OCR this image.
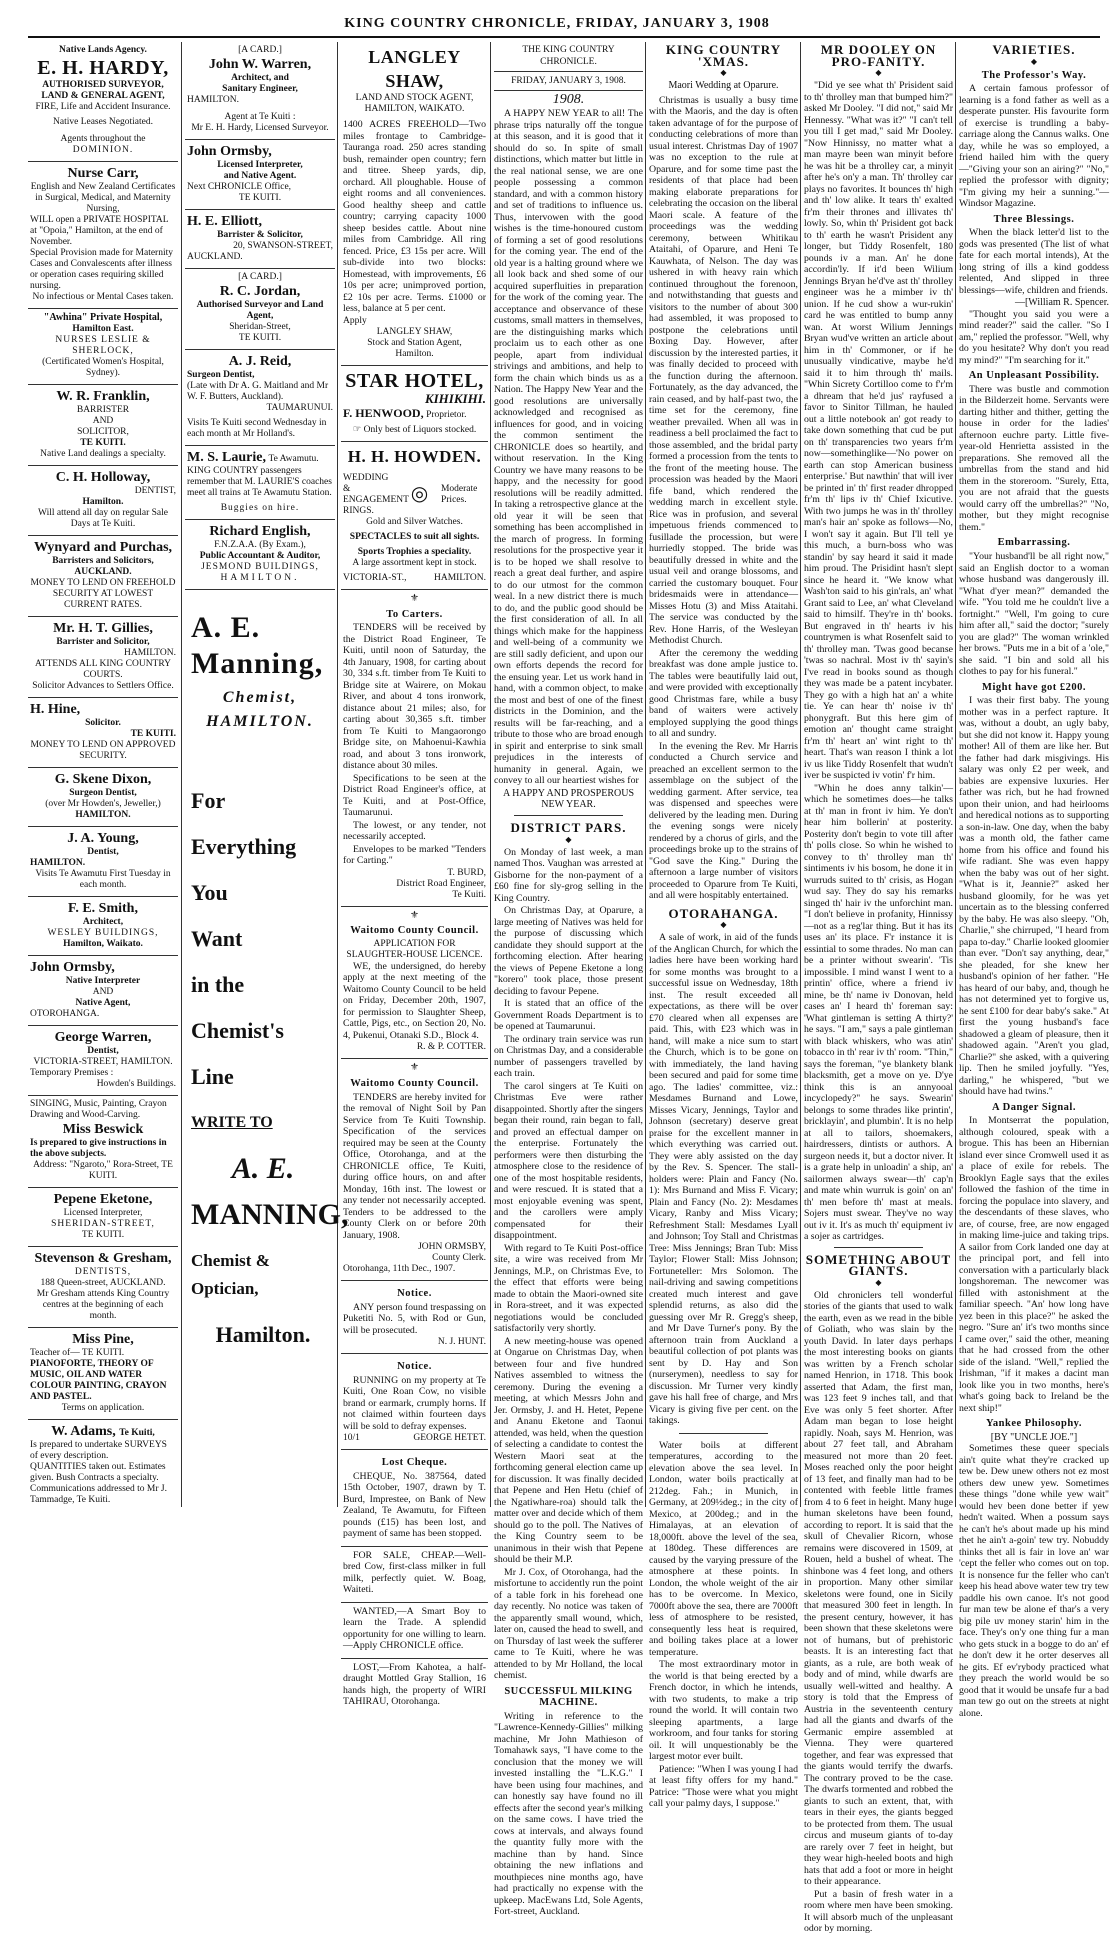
KING COUNTRY CHRONICLE, FRIDAY, JANUARY 3, 1908
Native Lands Agency.
E. H. HARDY,
AUTHORISED SURVEYOR,
LAND & GENERAL AGENT,
FIRE, Life and Accident Insurance.
Native Leases Negotiated.
Agents throughout the
DOMINION.
Nurse Carr,
English and New Zealand Certificates in Surgical, Medical, and Maternity Nursing,
WILL open a PRIVATE HOSPITAL at "Opoia," Hamilton, at the end of November.
Special Provision made for Maternity Cases and Convalescents after illness or operation cases requiring skilled nursing.
No infectious or Mental Cases taken.
"Awhina" Private Hospital,
Hamilton East.
NURSES LESLIE & SHERLOCK,
(Certificated Women's Hospital, Sydney).
W. R. Franklin,
BARRISTER
AND
SOLICITOR,
TE KUITI.
Native Land dealings a specialty.
C. H. Holloway,
DENTIST,
Hamilton.
Will attend all day on regular Sale Days at Te Kuiti.
Wynyard and Purchas,
Barristers and Solicitors,
AUCKLAND.
MONEY TO LEND ON FREEHOLD SECURITY AT LOWEST CURRENT RATES.
Mr. H. T. Gillies,
Barrister and Solicitor,
HAMILTON.
ATTENDS ALL KING COUNTRY COURTS.
Solicitor Advances to Settlers Office.
H. Hine,
Solicitor.
TE KUITI.
MONEY TO LEND ON APPROVED SECURITY.
G. Skene Dixon,
Surgeon Dentist,
(over Mr Howden's, Jeweller,)
HAMILTON.
J. A. Young,
Dentist,
HAMILTON.
Visits Te Awamutu First Tuesday in each month.
F. E. Smith,
Architect,
WESLEY BUILDINGS,
Hamilton, Waikato.
John Ormsby,
Native Interpreter
AND
Native Agent,
OTOROHANGA.
George Warren,
Dentist,
VICTORIA-STREET, HAMILTON.
Temporary Premises :
Howden's Buildings.
SINGING, Music, Painting, Crayon Drawing and Wood-Carving.
Miss Beswick
Is prepared to give instructions in the above subjects.
Address: "Ngaroto," Rora-Street, TE KUITI.
Pepene Eketone,
Licensed Interpreter,
SHERIDAN-STREET,
TE KUITI.
Stevenson & Gresham,
DENTISTS,
188 Queen-street, AUCKLAND.
Mr Gresham attends King Country centres at the beginning of each month.
Miss Pine,
Teacher of— TE KUITI.
PIANOFORTE, THEORY OF MUSIC, OIL AND WATER COLOUR PAINTING, CRAYON AND PASTEL.
Terms on application.
W. Adams, Te Kuiti,
Is prepared to undertake SURVEYS of every description.
QUANTITIES taken out. Estimates given. Bush Contracts a specialty. Communications addressed to Mr J. Tammadge, Te Kuiti.
[A CARD.]
John W. Warren,
Architect, and
Sanitary Engineer,
HAMILTON.
Agent at Te Kuiti :
Mr E. H. Hardy, Licensed Surveyor.
John Ormsby,
Licensed Interpreter,
and Native Agent.
Next CHRONICLE Office,
TE KUITI.
H. E. Elliott,
Barrister & Solicitor,
20, SWANSON-STREET,
AUCKLAND.
[A CARD.]
R. C. Jordan,
Authorised Surveyor and Land Agent,
Sheridan-Street,
TE KUITI.
A. J. Reid,
Surgeon Dentist,
(Late with Dr A. G. Maitland and Mr W. F. Butters, Auckland).
TAUMARUNUI.
Visits Te Kuiti second Wednesday in each month at Mr Holland's.
M. S. Laurie, Te Awamutu.
KING COUNTRY passengers remember that M. LAURIE'S coaches meet all trains at Te Awamutu Station.
Buggies on hire.
Richard English,
F.N.Z.A.A. (By Exam.),
Public Accountant & Auditor,
JESMOND BUILDINGS,
HAMILTON.
A. E. Manning,
Chemist,
HAMILTON.
For
Everything
You
Want
in the
Chemist's
Line
WRITE TO
A. E.
MANNING,
Chemist & Optician,
Hamilton.
LANGLEY SHAW,
LAND AND STOCK AGENT,
HAMILTON, WAIKATO.
1400 ACRES FREEHOLD—Two miles frontage to Cambridge-Tauranga road. 250 acres standing bush, remainder open country; fern and titree. Sheep yards, dip, orchard. All ploughable. House of eight rooms and all conveniences. Good healthy sheep and cattle country; carrying capacity 1000 sheep besides cattle. About nine miles from Cambridge. All ring fenced. Price, £3 15s per acre. Will sub-divide into two blocks: Homestead, with improvements, £6 10s per acre; unimproved portion, £2 10s per acre. Terms. £1000 or less, balance at 5 per cent.
Apply
LANGLEY SHAW,
Stock and Station Agent,
Hamilton.
STAR HOTEL,
KIHIKIHI.
F. HENWOOD, Proprietor.
☞ Only best of Liquors stocked.
H. H. HOWDEN.
WEDDING & ENGAGEMENT RINGS.
◎ Moderate Prices.
Gold and Silver Watches.
SPECTACLES to suit all sights.
Sports Trophies a speciality.
A large assortment kept in stock.
VICTORIA-ST.,	HAMILTON.
⚜
To Carters.
TENDERS will be received by the District Road Engineer, Te Kuiti, until noon of Saturday, the 4th January, 1908, for carting about 30, 334 s.ft. timber from Te Kuiti to Bridge site at Wairere, on Mokau River, and about 4 tons ironwork, distance about 21 miles; also, for carting about 30,365 s.ft. timber from Te Kuiti to Mangaorongo Bridge site, on Mahoenui-Kawhia road, and about 3 tons ironwork, distance about 30 miles.
Specifications to be seen at the District Road Engineer's office, at Te Kuiti, and at Post-Office, Taumarunui.
The lowest, or any tender, not necessarily accepted.
Envelopes to be marked "Tenders for Carting."
T. BURD,
District Road Engineer,
Te Kuiti.
⚜
Waitomo County Council.
APPLICATION FOR SLAUGHTER-HOUSE LICENCE.
WE, the undersigned, do hereby apply at the next meeting of the Waitomo County Council to be held on Friday, December 20th, 1907, for permission to Slaughter Sheep, Cattle, Pigs, etc., on Section 20, No. 4, Pukenui, Otanaki S.D., Block 4.
R. & P. COTTER.
⚜
Waitomo County Council.
TENDERS are hereby invited for the removal of Night Soil by Pan Service from Te Kuiti Township. Specification of the services required may be seen at the County Office, Otorohanga, and at the CHRONICLE office, Te Kuiti, during office hours, on and after Monday, 16th inst. The lowest or any tender not necessarily accepted. Tenders to be addressed to the County Clerk on or before 20th January, 1908.
JOHN ORMSBY,
County Clerk.
Otorohanga, 11th Dec., 1907.
Notice.
ANY person found trespassing on Puketiti No. 5, with Rod or Gun, will be prosecuted.
N. J. HUNT.
Notice.
RUNNING on my property at Te Kuiti, One Roan Cow, no visible brand or earmark, crumply horns. If not claimed within fourteen days will be sold to defray expenses.
10/1	GEORGE HETET.
Lost Cheque.
CHEQUE, No. 387564, dated 15th October, 1907, drawn by T. Burd, Imprestee, on Bank of New Zealand, Te Awamutu, for Fifteen pounds (£15) has been lost, and payment of same has been stopped.
FOR SALE, CHEAP.—Well-bred Cow, first-class milker in full milk, perfectly quiet. W. Boag, Waitetі.
WANTED,—A Smart Boy to learn the Trade. A splendid opportunity for one willing to learn.—Apply CHRONICLE office.
LOST,—From Kahotea, a half-draught Mottled Gray Stallion, 16 hands high, the property of WIRI TAHIRAU, Otorohanga.
THE KING COUNTRY CHRONICLE.
FRIDAY, JANUARY 3, 1908.
1908.
A HAPPY NEW YEAR to all! The phrase trips naturally off the tongue at this season, and it is good that it should do so. In spite of small distinctions, which matter but little in the real national sense, we are one people possessing a common standard, and with a common history and set of traditions to influence us. Thus, intervowen with the good wishes is the time-honoured custom of forming a set of good resolutions for the coming year. The end of the old year is a halting ground where we all look back and shed some of our acquired superfluities in preparation for the work of the coming year. The acceptance and observance of these customs, small matters in themselves, are the distinguishing marks which proclaim us to each other as one people, apart from individual strivings and ambitions, and help to form the chain which binds us as a Nation. The Happy New Year and the good resolutions are universally acknowledged and recognised as influences for good, and in voicing the common sentiment the CHRONICLE does so heartily, and without reservation. In the King Country we have many reasons to be happy, and the necessity for good resolutions will be readily admitted. In taking a retrospective glance at the old year it will be seen that something has been accomplished in the march of progress. In forming resolutions for the prospective year it is to be hoped we shall resolve to reach a great deal further, and aspire to do our utmost for the common weal. In a new district there is much to do, and the public good should be the first consideration of all. In all things which make for the happiness and well-being of a community we are still sadly deficient, and upon our own efforts depends the record for the ensuing year. Let us work hand in hand, with a common object, to make the most and best of one of the finest districts in the Dominion, and the results will be far-reaching, and a tribute to those who are broad enough in spirit and enterprise to sink small prejudices in the interests of humanity in general. Again, we convey to all our heartiest wishes for
A HAPPY AND PROSPEROUS NEW YEAR.
DISTRICT PARS.
◆
On Monday of last week, a man named Thos. Vaughan was arrested at Gisborne for the non-payment of a £60 fine for sly-grog selling in the King Country.
On Christmas Day, at Oparure, a large meeting of Natives was held for the purpose of discussing which candidate they should support at the forthcoming election. After hearing the views of Pepene Eketone a long "korero" took place, those present deciding to favour Pepene.
It is stated that an office of the Government Roads Department is to be opened at Taumarunui.
The ordinary train service was run on Christmas Day, and a considerable number of passengers travelled by each train.
The carol singers at Te Kuiti on Christmas Eve were rather disappointed. Shortly after the singers began their round, rain began to fall, and proved an effectual damper on the enterprise. Fortunately the performers were then disturbing the atmosphere close to the residence of one of the most hospitable residents, and were rescued. It is stated that a most enjoyable evening was spent, and the carollers were amply compensated for their disappointment.
With regard to Te Kuiti Post-office site, a wire was received from Mr Jennings, M.P., on Christmas Eve, to the effect that efforts were being made to obtain the Maori-owned site in Rora-street, and it was expected negotiations would be concluded satisfactorily very shortly.
A new meeting-house was opened at Ongarue on Christmas Day, when between four and five hundred Natives assembled to witness the ceremony. During the evening a meeting, at which Messrs John and Jer. Ormsby, J. and H. Hetet, Pepene and Ananu Eketone and Taonui attended, was held, when the question of selecting a candidate to contest the Western Maori seat at the forthcoming general election came up for discussion. It was finally decided that Pepene and Hen Hetu (chief of the Ngatiwhare-roa) should talk the matter over and decide which of them should go to the poll. The Natives of the King Country seem to be unanimous in their wish that Pepene should be their M.P.
Mr J. Cox, of Otorohanga, had the misfortune to accidently run the point of a table fork in his forehead one day recently. No notice was taken of the apparently small wound, which, later on, caused the head to swell, and on Thursday of last week the sufferer came to Te Kuiti, where he was attended to by Mr Holland, the local chemist.
SUCCESSFUL MILKING MACHINE.
Writing in reference to the "Lawrence-Kennedy-Gillies" milking machine, Mr John Mathieson of Tomahawk says, "I have come to the conclusion that the money we will invested installing the "L.K.G." I have been using four machines, and can honestly say have found no ill effects after the second year's milking on the same cows. I have tried the cows at intervals, and always found the quantity fully more with the machine than by hand. Since obtaining the new inflations and mouthpieces nine months ago, have had practically no expense with the upkeep. MacEwans Ltd, Sole Agents, Fort-street, Auckland.
KING COUNTRY 'XMAS.
◆
Maori Wedding at Oparure.
Christmas is usually a busy time with the Maoris, and the day is often taken advantage of for the purpose of conducting celebrations of more than usual interest. Christmas Day of 1907 was no exception to the rule at Oparure, and for some time past the residents of that place had been making elaborate preparations for celebrating the occasion on the liberal Maori scale. A feature of the proceedings was the wedding ceremony, between Whitikau Ataitahi, of Oparure, and Heni Te Kauwhata, of Nelson. The day was ushered in with heavy rain which continued throughout the forenoon, and notwithstanding that guests and visitors to the number of about 300 had assembled, it was proposed to postpone the celebrations until Boxing Day. However, after discussion by the interested parties, it was finally decided to proceed with the function during the afternoon. Fortunately, as the day advanced, the rain ceased, and by half-past two, the time set for the ceremony, fine weather prevailed. When all was in readiness a bell proclaimed the fact to those assembled, and the bridal party formed a procession from the tents to the front of the meeting house. The procession was headed by the Maori fife band, which rendered the wedding march in excellent style. Rice was in profusion, and several impetuous friends commenced to fusillade the procession, but were hurriedly stopped. The bride was beautifully dressed in white and the usual veil and orange blossoms, and carried the customary bouquet. Four bridesmaids were in attendance— Misses Hotu (3) and Miss Ataitahi. The service was conducted by the Rev. Hone Harris, of the Wesleyan Methodist Church.
After the ceremony the wedding breakfast was done ample justice to. The tables were beautifully laid out, and were provided with exceptionally good Christmas fare, while a busy band of waiters were actively employed supplying the good things to all and sundry.
In the evening the Rev. Mr Harris conducted a Church service and preached an excellent sermon to the assemblage on the subject of the wedding garment. After service, tea was dispensed and speeches were delivered by the leading men. During the evening songs were nicely rendered by a chorus of girls, and the proceedings broke up to the strains of "God save the King." During the afternoon a large number of visitors proceeded to Oparure from Te Kuiti, and all were hospitably entertained.
OTORAHANGA.
◆
A sale of work, in aid of the funds of the Anglican Church, for which the ladies here have been working hard for some months was brought to a successful issue on Wednesday, 18th inst. The result exceeded all expectations, as there will be over £70 cleared when all expenses are paid. This, with £23 which was in hand, will make a nice sum to start the Church, which is to be gone on with immediately, the land having been secured and paid for some time ago. The ladies' committee, viz.: Mesdames Burnand and Lowe, Misses Vicary, Jennings, Taylor and Johnson (secretary) deserve great praise for the excellent manner in which everything was carried out. They were ably assisted on the day by the Rev. S. Spencer. The stall-holders were: Plain and Fancy (No. 1): Mrs Burnand and Miss F. Vicary; Plain and Fancy (No. 2): Mesdames Vicary, Ranby and Miss Vicary; Refreshment Stall: Mesdames Lyall and Johnson; Toy Stall and Christmas Tree: Miss Jennings; Bran Tub: Miss Taylor; Flower Stall: Miss Johnson; Fortuneteller: Mrs Solomon. The nail-driving and sawing competitions created much interest and gave splendid returns, as also did the guessing over Mr R. Gregg's sheep, and Mr Dave Turner's pony. By the afternoon train from Auckland a beautiful collection of pot plants was sent by D. Hay and Son (nurserymen), needless to say for discussion. Mr Turner very kindly gave his hall free of charge, and Mrs Vicary is giving five per cent. on the takings.
Water boils at different temperatures, according to the elevation above the sea level. In London, water boils practically at 212deg. Fah.; in Munich, in Germany, at 209½deg.; in the city of Mexico, at 200deg.; and in the Himalayas, at an elevation of 18,000ft. above the level of the sea, at 180deg. These differences are caused by the varying pressure of the atmosphere at these points. In London, the whole weight of the air has to be overcome. In Mexico, 7000ft above the sea, there are 7000ft less of atmosphere to be resisted, consequently less heat is required, and boiling takes place at a lower temperature.
The most extraordinary motor in the world is that being erected by a French doctor, in which he intends, with two students, to make a trip round the world. It will contain two sleeping apartments, a large workroom, and four tanks for storing oil. It will unquestionably be the largest motor ever built.
Patience: "When I was young I had at least fifty offers for my hand." Patrice: "Those were what you might call your palmy days, I suppose."
MR DOOLEY ON PRO-FANITY.
◆
"Did ye see what th' Prisident said to th' throlley man that bumped him?" asked Mr Dooley. "I did not," said Mr Hennessy. "What was it?" "I can't tell you till I get mad," said Mr Dooley. "Now Hinnissy, no matter what a man mayre been wan minyit before he was hit be a throlley car, a minyit after he's on'y a man. Th' throlley car plays no favorites. It bounces th' high and th' low alike. It tears th' exalted fr'm their thrones and illivates th' lowly. So, whin th' Prisident got back to th' earth he wasn't Prisident any longer, but Tiddy Rosenfelt, 180 pounds iv a man. An' he done accordin'ly. If it'd been Wilium Jennings Bryan he'd've ast th' throlley engineer was he a mimber iv th' union. If he cud show a wur-rukin' card he was entitled to bump anny wan. At worst Wilium Jennings Bryan wud've written an article about him in th' Commoner, or if he unusually vindicative, maybe he'd said it to him through th' mails. "Whin Sicrety Cortilloo come to f'r'm a dhream that he'd jus' rayfused a favor to Sinitor Tillman, he hauled out a little notebook an' got ready to take down something that cud be put on th' transparencies two years fr'm now—somethinglike—'No power on earth can stop American business enterprise.' But nawthin' that will iver be printed in' th' first reader dhropped fr'm th' lips iv th' Chief Ixicutive. With two jumps he was in th' throlley man's hair an' spoke as follows—No, I won't say it again. But I'll tell ye this much, a burn-boss who was standin' by say heard it said it made him proud. The Prisidint hasn't slept since he heard it. "We know what Wash'ton said to his gin'rals, an' what Grant said to Lee, an' what Cleveland said to himsilf. They're in th' books. But engraved in th' hearts iv his countrymen is what Rosenfelt said to th' throlley man. 'Twas good becanse 'twas so nachral. Most iv th' sayin's I've read in books sound as though they was made be a patent incybater. They go with a high hat an' a white tie. Ye can hear th' noise iv th' phonygraft. But this here gim of emotion an' thought came straight fr'm th' heart an' wint right to th' heart. That's wan reason I think a lot iv us like Tiddy Rosenfelt that wudn't iver be suspicted iv votin' f'r him.
"Whin he does anny talkin'—which he sometimes does—he talks at th' man in front iv him. Ye don't hear him bollerin' at posterity. Posterity don't begin to vote till after th' polls close. So whin he wished to convey to th' throlley man th' sintiments iv his bosom, he done it in wurruds suited to th' crisis, as Hogan wud say. They do say his remarks singed th' hair iv the unforchint man. "I don't believe in profanity, Hinnissy—not as a reg'lar thing. But it has its uses an' its place. F'r instance it is essintial to some thrades. No man can be a printer without swearin'. 'Tis impossible. I mind wanst I went to a printin' office, where a friend iv mine, be th' name iv Donovan, held cases an' I heard th' foreman say: 'What gintleman is setting A thirty?' he says. "I am," says a pale gintleman with black whiskers, who was atin' tobacco in th' rear iv th' room. "Thin," says the foreman, "ye blankety blank blacksmith, get a move on ye. D'ye think this is an annyooal incyclopedy?" he says. Swearin' belongs to some thrades like printin', bricklayin', and plumbin'. It is no help at all to tailors, shoemakers, hairdressers, dintists or authors. A surgeon needs it, but a doctor niver. It is a grate help in unloadin' a ship, an' sailormen always swear—th' cap'n and mate whin wurruk is goin' on an' th' men before th' mast at meals. Sojers must swear. They've no way out iv it. It's as much th' equipment iv a sojer as cartridges.
SOMETHING ABOUT GIANTS.
◆
Old chroniclers tell wonderful stories of the giants that used to walk the earth, even as we read in the bible of Goliath, who was slain by the youth David. In later days perhaps the most interesting books on giants was written by a French scholar named Henrion, in 1718. This book asserted that Adam, the first man, was 123 feet 9 inches tall, and that Eve was only 5 feet shorter. After Adam man began to lose height rapidly. Noah, says M. Henrion, was about 27 feet tall, and Abraham measured not more than 20 feet. Moses reached only the poor height of 13 feet, and finally man had to be contented with feeble little frames from 4 to 6 feet in height. Many huge human skeletons have been found, according to report. It is said that the skull of Chevalier Ricorn, whose remains were discovered in 1509, at Rouen, held a bushel of wheat. The shinbone was 4 feet long, and others in proportion. Many other similar skeletons were found, one in Sicily that measured 300 feet in length. In the present century, however, it has been shown that these skeletons were not of humans, but of prehistoric beasts. It is an interesting fact that giants, as a rule, are both weak of body and of mind, while dwarfs are usually well-witted and healthy. A story is told that the Empress of Austria in the seventeenth century had all the giants and dwarfs of the Germanic empire assembled at Vienna. They were quartered together, and fear was expressed that the giants would terrify the dwarfs. The contrary proved to be the case. The dwarfs tormented and robbed the giants to such an extent, that, with tears in their eyes, the giants begged to be protected from them. The usual circus and museum giants of to-day are rarely over 7 feet in height, but they wear high-heeled boots and high hats that add a foot or more in height to their appearance.
Put a basin of fresh water in a room where men have been smoking. It will absorb much of the unpleasant odor by morning.
VARIETIES.
◆
The Professor's Way.
A certain famous professor of learning is a fond father as well as a desperate punster. His favourite form of exercise is trundling a baby-carriage along the Cannus walks. One day, while he was so employed, a friend hailed him with the query—"Giving your son an airing?" "No," replied the professor with dignity; "I'm giving my heir a sunning."—Windsor Magazine.
Three Blessings.
When the black letter'd list to the gods was presented (The list of what fate for each mortal intends), At the long string of ills a kind goddess relented, And slipped in three blessings—wife, children and friends.
—[William R. Spencer.
"Thought you said you were a mind reader?" said the caller. "So I am," replied the professor. "Well, why do you hesitate? Why don't you read my mind?" "I'm searching for it."
An Unpleasant Possibility.
There was bustle and commotion in the Bilderzeit home. Servants were darting hither and thither, getting the house in order for the ladies' afternoon euchre party. Little five-year-old Henrietta assisted in the preparations. She removed all the umbrellas from the stand and hid them in the storeroom. "Surely, Etta, you are not afraid that the guests would carry off the umbrellas?" "No, mother, but they might recognise them."
Embarrassing.
"Your husband'll be all right now," said an English doctor to a woman whose husband was dangerously ill. "What d'yer mean?" demanded the wife. "You told me he couldn't live a fortnight." "Well, I'm going to cure him after all," said the doctor; "surely you are glad?" The woman wrinkled her brows. "Puts me in a bit of a 'ole," she said. "I bin and sold all his clothes to pay for his funeral."
Might have got £200.
I was their first baby. The young mother was in a perfect rapture. It was, without a doubt, an ugly baby, but she did not know it. Happy young mother! All of them are like her. But the father had dark misgivings. His salary was only £2 per week, and babies are expensive luxuries. Her father was rich, but he had frowned upon their union, and had heirlooms and heredical notions as to supporting a son-in-law. One day, when the baby was a month old, the father came home from his office and found his wife radiant. She was even happy when the baby was out of her sight. "What is it, Jeannie?" asked her husband gloomily, for he was yet uncertain as to the blessing conferred by the baby. He was also sleepy. "Oh, Charlie," she chirruped, "I heard from papa to-day." Charlie looked gloomier than ever. "Don't say anything, dear," she pleaded, for she knew her husband's opinion of her father. "He has heard of our baby, and, though he has not determined yet to forgive us, he sent £100 for dear baby's sake." At first the young husband's face shadowed a gleam of pleasure, then it shadowed again. "Aren't you glad, Charlie?" she asked, with a quivering lip. Then he smiled joyfully. "Yes, darling," he whispered, "but we should have had twins."
A Danger Signal.
In Montserrat the population, although coloured, speak with a brogue. This has been an Hibernian island ever since Cromwell used it as a place of exile for rebels. The Brooklyn Eagle says that the exiles followed the fashion of the time in forcing the populace into slavery, and the descendants of these slaves, who are, of course, free, are now engaged in making lime-juice and taking trips. A sailor from Cork landed one day at the principal port, and fell into conversation with a particularly black longshoreman. The newcomer was filled with astonishment at the familiar speech. "An' how long have yez been in this place?" he asked the negro. "Sure an' it's two months since I came over," said the other, meaning that he had crossed from the other side of the island. "Well," replied the Irishman, "if it makes a dacint man look like you in two months, here's what's going back to Ireland be the next ship!"
Yankee Philosophy.
[BY "UNCLE JOE."]
Sometimes these queer specials ain't quite what they're cracked up tew be. Dew unew others not ez most others dew unew yew. Sometimes these things "done while yew wait" would hev been done better if yew hedn't waited. When a possum says he can't he's about made up his mind thet he ain't a-goin' tew try. Nobuddy thinks thet all is fair in love an' war 'cept the feller who comes out on top. It is nonsence fur the feller who can't keep his head above water tew try tew paddle his own canoe. It's not good fur man tew be alone ef thar's a very big pile uv money starin' him in the face. They's on'y one thing fur a man who gets stuck in a bogge to do an' ef he don't dew it he orter deserves all he gits. Ef ev'rybody practiced what they preach the world would be so good that it would be unsafe fur a bad man tew go out on the streets at night alone.
